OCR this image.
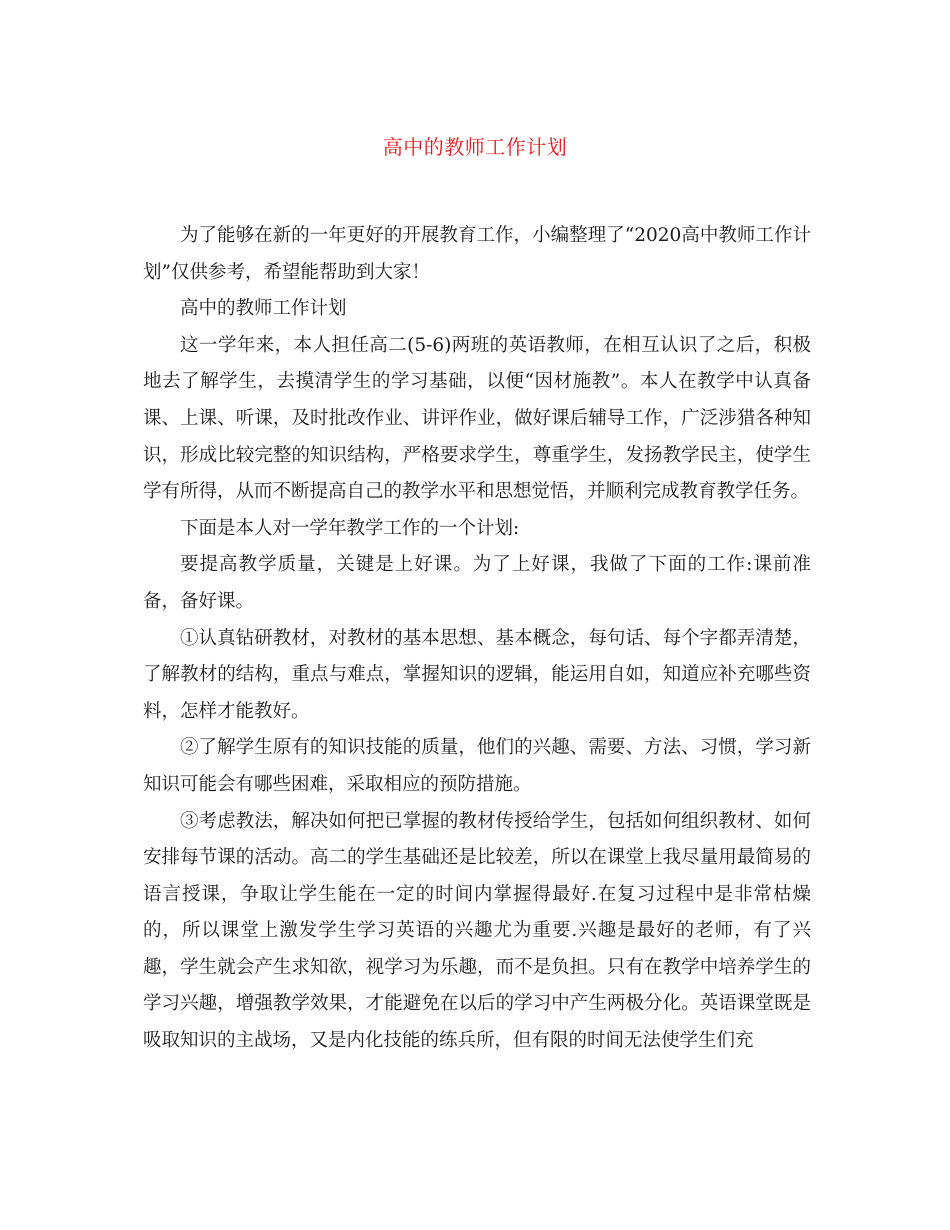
高中的教师工作计划

为了能够在新的一年更好的开展教育工作，小编整理了“2020高中教师工作计划”仅供参考，希望能帮助到大家！

高中的教师工作计划

这一学年来，本人担任高二(5-6)两班的英语教师，在相互认识了之后，积极地去了解学生，去摸清学生的学习基础，以便“因材施教”。本人在教学中认真备课、上课、听课，及时批改作业、讲评作业，做好课后辅导工作，广泛涉猎各种知识，形成比较完整的知识结构，严格要求学生，尊重学生，发扬教学民主，使学生学有所得，从而不断提高自己的教学水平和思想觉悟，并顺利完成教育教学任务。

下面是本人对一学年教学工作的一个计划:

要提高教学质量，关键是上好课。为了上好课，我做了下面的工作:课前准备，备好课。

①认真钻研教材，对教材的基本思想、基本概念，每句话、每个字都弄清楚，了解教材的结构，重点与难点，掌握知识的逻辑，能运用自如，知道应补充哪些资料，怎样才能教好。

②了解学生原有的知识技能的质量，他们的兴趣、需要、方法、习惯，学习新知识可能会有哪些困难，采取相应的预防措施。

③考虑教法，解决如何把已掌握的教材传授给学生，包括如何组织教材、如何安排每节课的活动。高二的学生基础还是比较差，所以在课堂上我尽量用最简易的语言授课，争取让学生能在一定的时间内掌握得最好.在复习过程中是非常枯燥的，所以课堂上激发学生学习英语的兴趣尤为重要.兴趣是最好的老师，有了兴趣，学生就会产生求知欲，视学习为乐趣，而不是负担。只有在教学中培养学生的学习兴趣，增强教学效果，才能避免在以后的学习中产生两极分化。英语课堂既是吸取知识的主战场，又是内化技能的练兵所，但有限的时间无法使学生们充
